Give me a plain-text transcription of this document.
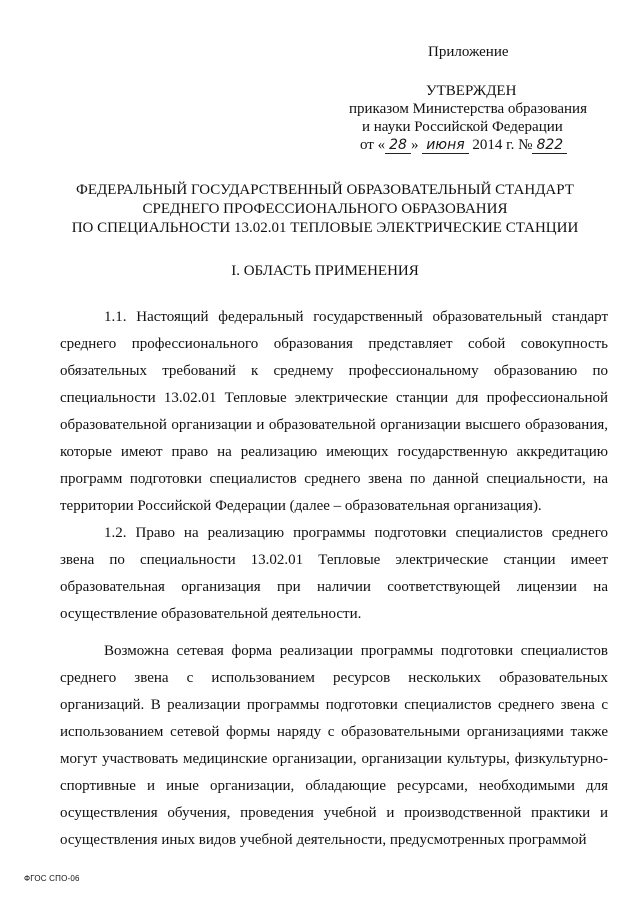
Приложение
УТВЕРЖДЕН
приказом Министерства образования
и науки Российской Федерации
от « 28 » июня 2014 г. № 822
ФЕДЕРАЛЬНЫЙ ГОСУДАРСТВЕННЫЙ ОБРАЗОВАТЕЛЬНЫЙ СТАНДАРТ
СРЕДНЕГО ПРОФЕССИОНАЛЬНОГО ОБРАЗОВАНИЯ
ПО СПЕЦИАЛЬНОСТИ 13.02.01 ТЕПЛОВЫЕ ЭЛЕКТРИЧЕСКИЕ СТАНЦИИ
I. ОБЛАСТЬ ПРИМЕНЕНИЯ

1.1. Настоящий федеральный государственный образовательный стандарт среднего профессионального образования представляет собой совокупность обязательных требований к среднему профессиональному образованию по специальности 13.02.01 Тепловые электрические станции для профессиональной образовательной организации и образовательной организации высшего образования, которые имеют право на реализацию имеющих государственную аккредитацию программ подготовки специалистов среднего звена по данной специальности, на территории Российской Федерации (далее – образовательная организация).

1.2. Право на реализацию программы подготовки специалистов среднего звена по специальности 13.02.01 Тепловые электрические станции имеет образовательная организация при наличии соответствующей лицензии на осуществление образовательной деятельности.

Возможна сетевая форма реализации программы подготовки специалистов среднего звена с использованием ресурсов нескольких образовательных организаций. В реализации программы подготовки специалистов среднего звена с использованием сетевой формы наряду с образовательными организациями также могут участвовать медицинские организации, организации культуры, физкультурно-спортивные и иные организации, обладающие ресурсами, необходимыми для осуществления обучения, проведения учебной и производственной практики и осуществления иных видов учебной деятельности, предусмотренных программой

ФГОС СПО-06
